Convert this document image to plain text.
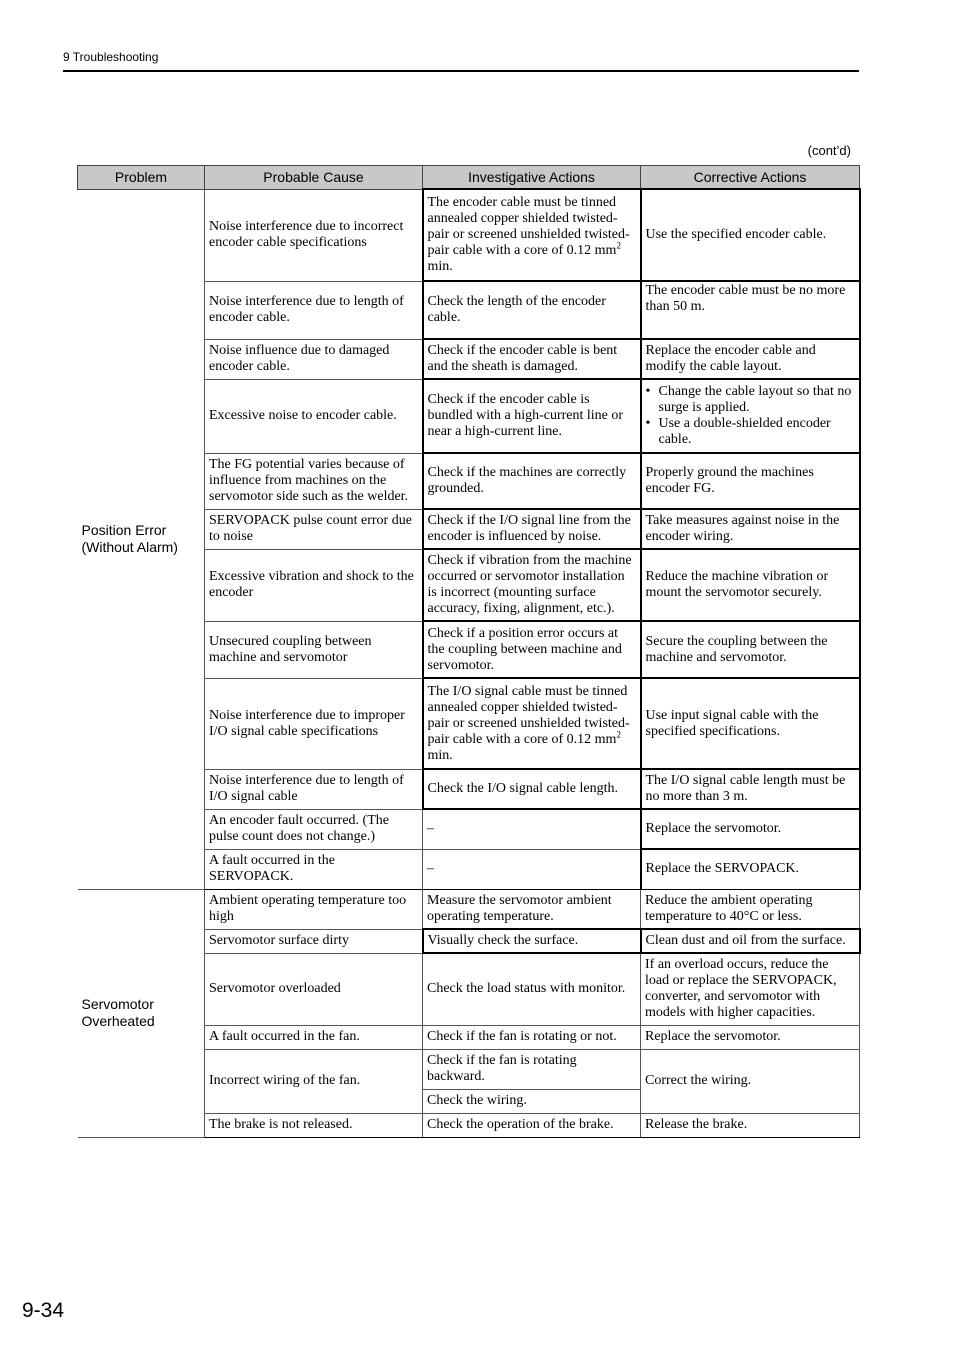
9 Troubleshooting
(cont’d)
Problem	Probable Cause	Investigative Actions	Corrective Actions
Position Error (Without Alarm)	Noise interference due to incorrect encoder cable specifications	The encoder cable must be tinned annealed copper shielded twisted-pair or screened unshielded twisted-pair cable with a core of 0.12 $mm^2$ min.	Use the specified encoder cable.
	Noise interference due to length of encoder cable.	Check the length of the encoder cable.	The encoder cable must be no more than 50 m.
	Noise influence due to damaged encoder cable.	Check if the encoder cable is bent and the sheath is damaged.	Replace the encoder cable and modify the cable layout.
	Excessive noise to encoder cable.	Check if the encoder cable is bundled with a high-current line or near a high-current line.	• Change the cable layout so that no surge is applied.
• Use a double-shielded encoder cable.

	The FG potential varies because of influence from machines on the servomotor side such as the welder.	Check if the machines are correctly grounded.	Properly ground the machines encoder FG.
	SERVOPACK pulse count error due to noise	Check if the I/O signal line from the encoder is influenced by noise.	Take measures against noise in the encoder wiring.
	Excessive vibration and shock to the encoder	Check if vibration from the machine occurred or servomotor installation is incorrect (mounting surface accuracy, fixing, alignment, etc.).	Reduce the machine vibration or mount the servomotor securely.
	Unsecured coupling between machine and servomotor	Check if a position error occurs at the coupling between machine and servomotor.	Secure the coupling between the machine and servomotor.
	Noise interference due to improper I/O signal cable specifications	The I/O signal cable must be tinned annealed copper shielded twisted-pair or screened unshielded twisted-pair cable with a core of 0.12 $mm^2$ min.	Use input signal cable with the specified specifications.
	Noise interference due to length of I/O signal cable	Check the I/O signal cable length.	The I/O signal cable length must be no more than 3 m.
	An encoder fault occurred. (The pulse count does not change.)	–	Replace the servomotor.
	A fault occurred in the SERVOPACK.	–	Replace the SERVOPACK.
Servomotor Overheated	Ambient operating temperature too high	Measure the servomotor ambient operating temperature.	Reduce the ambient operating temperature to 40°C or less.
	Servomotor surface dirty	Visually check the surface.	Clean dust and oil from the surface.
	Servomotor overloaded	Check the load status with monitor.	If an overload occurs, reduce the load or replace the SERVOPACK, converter, and servomotor with models with higher capacities.
	A fault occurred in the fan.	Check if the fan is rotating or not.	Replace the servomotor.
	Incorrect wiring of the fan.	Check if the fan is rotating backward.	Correct the wiring.
		Check the wiring.	
	The brake is not released.	Check the operation of the brake.	Release the brake.
9-34
